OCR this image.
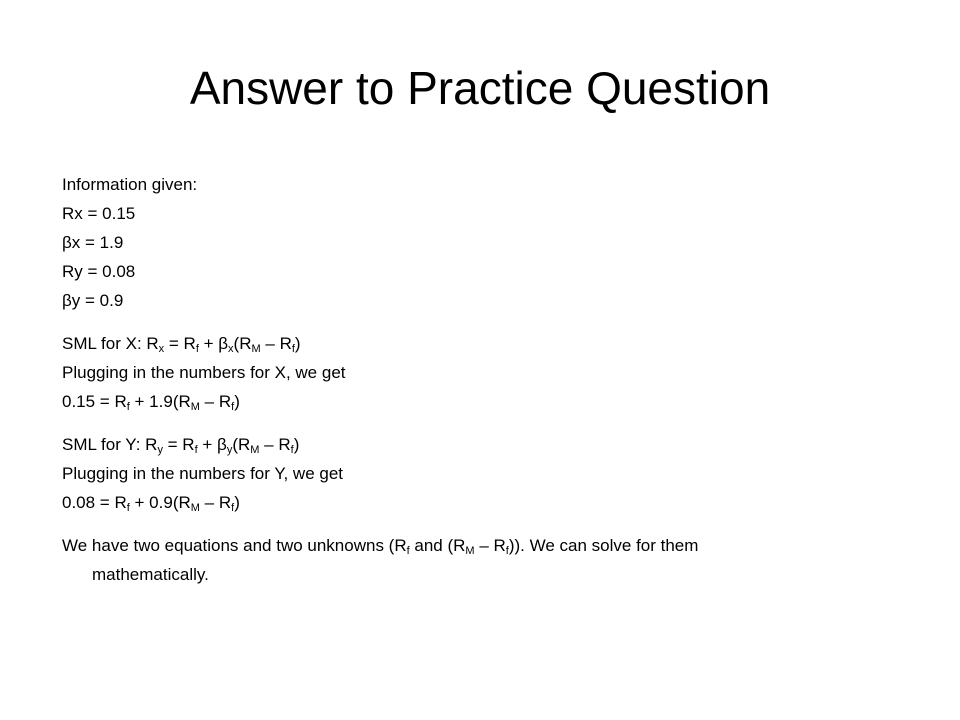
Answer to Practice Question
Information given:
Rx = 0.15
βx = 1.9
Ry = 0.08
βy = 0.9
SML for X: $R_x = R_f + \beta_x(R_M - R_f)$
Plugging in the numbers for X, we get
$0.15 = R_f + 1.9(R_M - R_f)$
SML for Y: $R_y = R_f + \beta_y(R_M - R_f)$
Plugging in the numbers for Y, we get
$0.08 = R_f + 0.9(R_M - R_f)$
We have two equations and two unknowns ($R_f$ and $(R_M - R_f)$). We can solve for them
mathematically.
